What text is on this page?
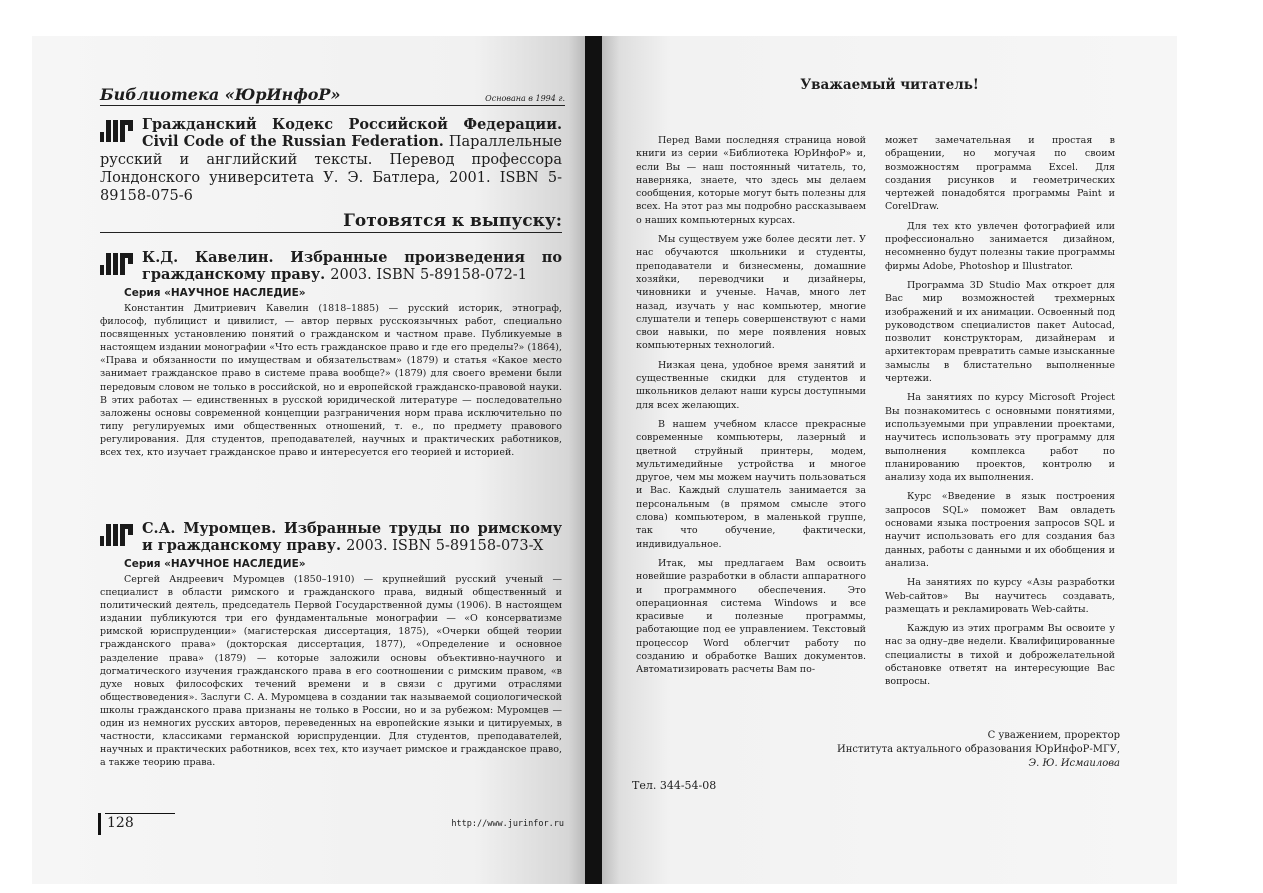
Библиотека «ЮрИнфоР»	Основана в 1994 г.
Гражданский Кодекс Российской Федерации. Civil Code of the Russian Federation. Параллельные русский и английский тексты. Перевод профессора Лондонского университета У. Э. Батлера, 2001. ISBN 5-89158-075-6
Готовятся к выпуску:
К.Д. Кавелин. Избранные произведения по гражданскому праву. 2003. ISBN 5-89158-072-1
Серия «НАУЧНОЕ НАСЛЕДИЕ»

Константин Дмитриевич Кавелин (1818–1885) — русский историк, этнограф, философ, публицист и цивилист, — автор первых русскоязычных работ, специально посвященных установлению понятий о гражданском и частном праве. Публикуемые в настоящем издании монографии «Что есть гражданское право и где его пределы?» (1864), «Права и обязанности по имуществам и обязательствам» (1879) и статья «Какое место занимает гражданское право в системе права вообще?» (1879) для своего времени были передовым словом не только в российской, но и европейской гражданско-правовой науки. В этих работах — единственных в русской юридической литературе — последовательно заложены основы современной концепции разграничения норм права исключительно по типу регулируемых ими общественных отношений, т. е., по предмету правового регулирования. Для студентов, преподавателей, научных и практических работников, всех тех, кто изучает гражданское право и интересуется его теорией и историей.

С.А. Муромцев. Избранные труды по римскому и гражданскому праву. 2003. ISBN 5-89158-073-X
Серия «НАУЧНОЕ НАСЛЕДИЕ»

Сергей Андреевич Муромцев (1850–1910) — крупнейший русский ученый — специалист в области римского и гражданского права, видный общественный и политический деятель, председатель Первой Государственной думы (1906). В настоящем издании публикуются три его фундаментальные монографии — «О консерватизме римской юриспруденции» (магистерская диссертация, 1875), «Очерки общей теории гражданского права» (докторская диссертация, 1877), «Определение и основное разделение права» (1879) — которые заложили основы объективно-научного и догматического изучения гражданского права в его соотношении с римским правом, «в духе новых философских течений времени и в связи с другими отраслями обществоведения». Заслуги С. А. Муромцева в создании так называемой социологической школы гражданского права признаны не только в России, но и за рубежом: Муромцев — один из немногих русских авторов, переведенных на европейские языки и цитируемых, в частности, классиками германской юриспруденции. Для студентов, преподавателей, научных и практических работников, всех тех, кто изучает римское и гражданское право, а также теорию права.

128	http://www.jurinfor.ru
Уважаемый читатель!

Перед Вами последняя страница новой книги из серии «Библиотека ЮрИнфоР» и, если Вы — наш постоянный читатель, то, наверняка, знаете, что здесь мы делаем сообщения, которые могут быть полезны для всех. На этот раз мы подробно рассказываем о наших компьютерных курсах.

Мы существуем уже более десяти лет. У нас обучаются школьники и студенты, преподаватели и бизнесмены, домашние хозяйки, переводчики и дизайнеры, чиновники и ученые. Начав, много лет назад, изучать у нас компьютер, многие слушатели и теперь совершенствуют с нами свои навыки, по мере появления новых компьютерных технологий.

Низкая цена, удобное время занятий и существенные скидки для студентов и школьников делают наши курсы доступными для всех желающих.

В нашем учебном классе прекрасные современные компьютеры, лазерный и цветной струйный принтеры, модем, мультимедийные устройства и многое другое, чем мы можем научить пользоваться и Вас. Каждый слушатель занимается за персональным (в прямом смысле этого слова) компьютером, в маленькой группе, так что обучение, фактически, индивидуальное.

Итак, мы предлагаем Вам освоить новейшие разработки в области аппаратного и программного обеспечения. Это операционная система Windows и все красивые и полезные программы, работающие под ее управлением. Текстовый процессор Word облегчит работу по созданию и обработке Ваших документов. Автоматизировать расчеты Вам по-

может замечательная и простая в обращении, но могучая по своим возможностям программа Excel. Для создания рисунков и геометрических чертежей понадобятся программы Paint и CorelDraw.

Для тех кто увлечен фотографией или профессионально занимается дизайном, несомненно будут полезны такие программы фирмы Adobe, Photoshop и Illustrator.

Программа 3D Studio Max откроет для Вас мир возможностей трехмерных изображений и их анимации. Освоенный под руководством специалистов пакет Autocad, позволит конструкторам, дизайнерам и архитекторам превратить самые изысканные замыслы в блистательно выполненные чертежи.

На занятиях по курсу Microsoft Project Вы познакомитесь с основными понятиями, используемыми при управлении проектами, научитесь использовать эту программу для выполнения комплекса работ по планированию проектов, контролю и анализу хода их выполнения.

Курс «Введение в язык построения запросов SQL» поможет Вам овладеть основами языка построения запросов SQL и научит использовать его для создания баз данных, работы с данными и их обобщения и анализа.

На занятиях по курсу «Азы разработки Web-сайтов» Вы научитесь создавать, размещать и рекламировать Web-сайты.

Каждую из этих программ Вы освоите у нас за одну–две недели. Квалифицированные специалисты в тихой и доброжелательной обстановке ответят на интересующие Вас вопросы.

С уважением, проректор
Института актуального образования ЮрИнфоР-МГУ,
Э. Ю. Исмаилова
Тел. 344-54-08
